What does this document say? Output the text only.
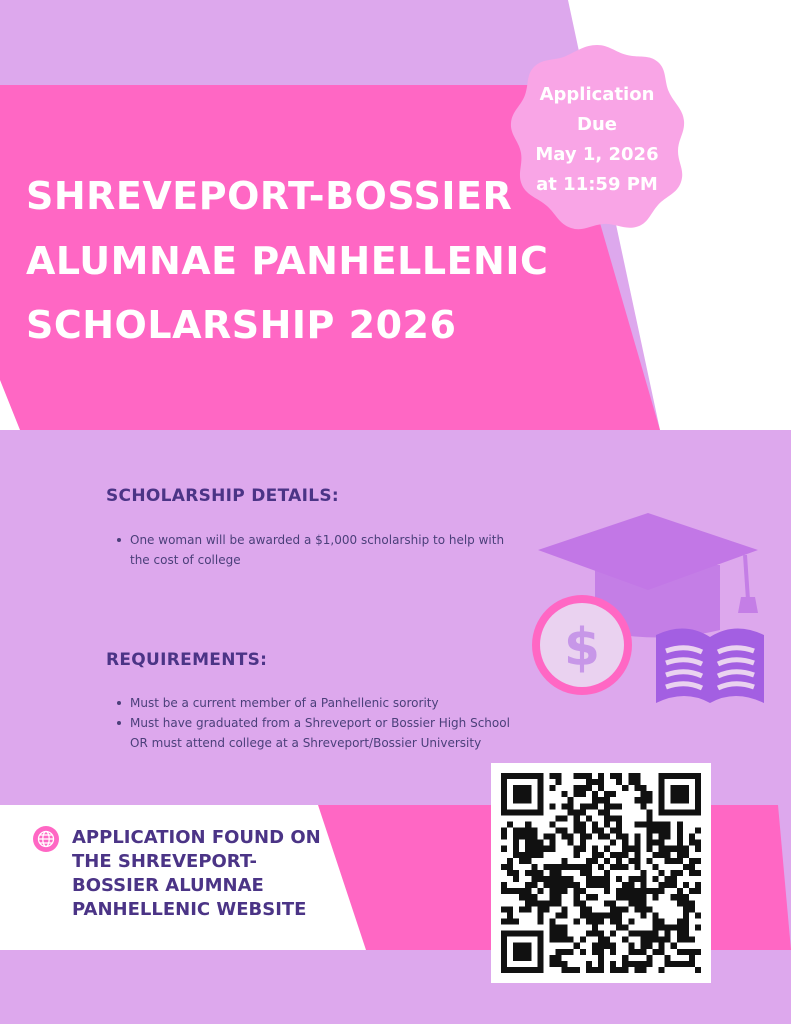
SHREVEPORT-BOSSIER
ALUMNAE PANHELLENIC
SCHOLARSHIP 2026
Application
Due
May 1, 2026
at 11:59 PM
SCHOLARSHIP DETAILS:
One woman will be awarded a $1,000 scholarship to help with the cost of college
REQUIREMENTS:
Must be a current member of a Panhellenic sorority
Must have graduated from a Shreveport or Bossier High School OR must attend college at a Shreveport/Bossier University
$
APPLICATION FOUND ON
THE SHREVEPORT-
BOSSIER ALUMNAE
PANHELLENIC WEBSITE
